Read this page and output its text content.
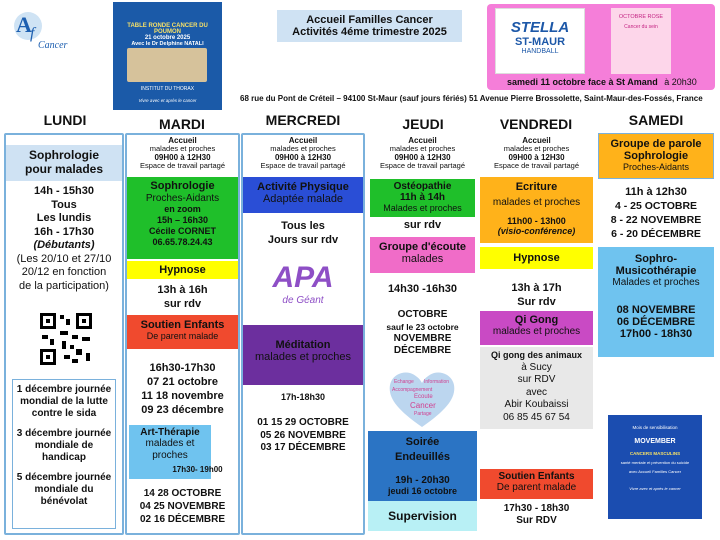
A
f
Cancer
TABLE RONDE CANCER DU POUMON
21 octobre 2025
Avec le Dr Delphine NATALI
INSTITUT DU THORAX
Vivre avec et après le cancer
Accueil Familles Cancer
Activités 4éme trimestre 2025	STELLA
ST-MAUR
HANDBALL
OCTOBRE ROSE
Cancer du sein
samedi 11 octobre face à St Amand à 20h30
68 rue du Pont de Créteil – 94100 St-Maur (sauf jours fériés) 51 Avenue Pierre Brossolette, Saint-Maur-des-Fossés, France
LUNDI	MARDI	MERCREDI	JEUDI	VENDREDI	SAMEDI
Sophrologie pour malades
14h - 15h30
Tous
Les lundis
16h - 17h30
(Débutants)
(Les 20/10 et 27/10
20/12 en fonction
de la participation)
1 décembre journée mondial de la lutte contre le sida
3 décembre journée mondiale de handicap
5 décembre journée mondiale du bénévolat
Accueil
malades et proches
09H00 à 12H30
Espace de travail partagé
Sophrologie
Proches-Aidants
en zoom
15h – 16h30
Cécile CORNET
06.65.78.24.43
Hypnose
13h à 16h
sur rdv
Soutien Enfants
De parent malade
16h30-17h30
07 21 octobre
11 18 novembre
09 23 décembre
Art-Thérapie
malades et proches
17h30- 19h00
14 28 OCTOBRE
04 25 NOVEMBRE
02 16 DÉCEMBRE
Accueil
malades et proches
09H00 à 12H30
Espace de travail partagé
Activité Physique
Adaptée malade
Tous les
Jours sur rdv
APA
de Géant
Méditation
malades et proches
17h-18h30
01 15 29 OCTOBRE
05 26 NOVEMBRE
03 17 DÉCEMBRE
Accueil
malades et proches
09H00 à 12H30
Espace de travail partagé
Ostéopathie
11h à 14h
Malades et proches
sur rdv
Groupe d'écoute
malades
14h30 -16h30
OCTOBRE
sauf le 23 octobre
NOVEMBRE
DÉCEMBRE
Echange Information
Accompagnement
Ecoute
Cancer
Partage
Soirée Endeuillés
19h - 20h30
jeudi 16 octobre
Supervision
Accueil
malades et proches
09H00 à 12H30
Espace de travail partagé
Ecriture
malades et proches
11h00 - 13h00
(visio-conférence)
Hypnose
13h à 17h
Sur rdv
Qi Gong
malades et proches
Qi gong des animaux
à Sucy
sur RDV
avec
Abir Koubaissi
06 85 45 67 54
Soutien Enfants
De parent malade
17h30 - 18h30
Sur RDV
Groupe de parole
Sophrologie
Proches-Aidants
11h à 12h30
4 - 25 OCTOBRE
8 - 22 NOVEMBRE
6 - 20 DÉCEMBRE
Sophro-
Musicothérapie
Malades et proches
08 NOVEMBRE
06 DÉCEMBRE
17h00 - 18h30
Mois de sensibilisation
MOVEMBER
CANCERS MASCULINS
santé mentale et prévention du suicide
avec Accueil Familles Cancer
Vivre avec et après le cancer
